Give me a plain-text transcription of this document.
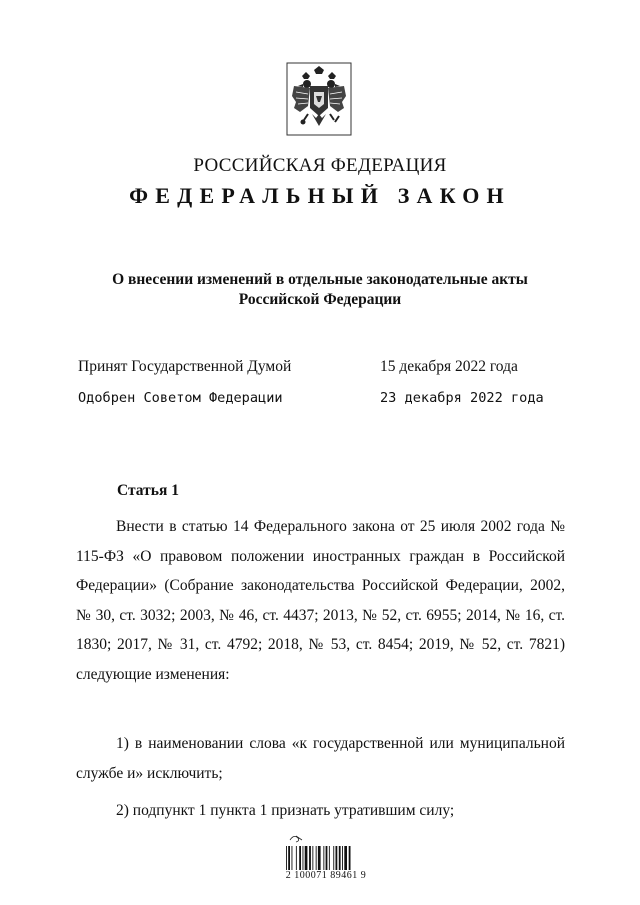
РОССИЙСКАЯ ФЕДЕРАЦИЯ
ФЕДЕРАЛЬНЫЙ ЗАКОН
О внесении изменений в отдельные законодательные акты
Российской Федерации
Принят Государственной Думой	15 декабря 2022 года
Одобрен Советом Федерации	23 декабря 2022 года
Статья 1

Внести в статью 14 Федерального закона от 25 июля 2002 года № 115-ФЗ «О правовом положении иностранных граждан в Российской Федерации» (Собрание законодательства Российской Федерации, 2002, № 30, ст. 3032; 2003, № 46, ст. 4437; 2013, № 52, ст. 6955; 2014, № 16, ст. 1830; 2017, № 31, ст. 4792; 2018, № 53, ст. 8454; 2019, № 52, ст. 7821) следующие изменения:

1) в наименовании слова «к государственной или муниципальной службе и» исключить;

2) подпункт 1 пункта 1 признать утратившим силу;

2 100071 89461 9
